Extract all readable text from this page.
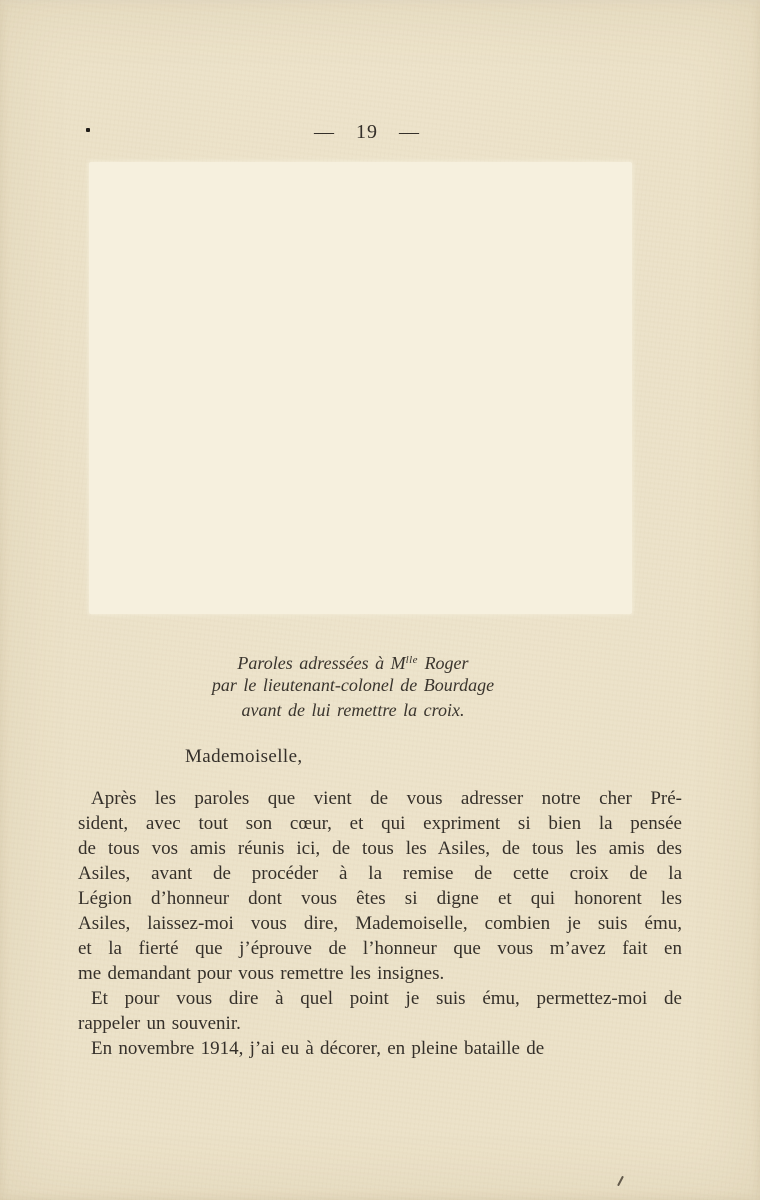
— 19 —
Paroles adressées à $M^{lle}$ Roger
par le lieutenant-colonel de Bourdage
avant de lui remettre la croix.
Mademoiselle,
Après les paroles que vient de vous adresser notre cher Pré-
sident, avec tout son cœur, et qui expriment si bien la pensée
de tous vos amis réunis ici, de tous les Asiles, de tous les amis des
Asiles, avant de procéder à la remise de cette croix de la
Légion d’honneur dont vous êtes si digne et qui honorent les
Asiles, laissez-moi vous dire, Mademoiselle, combien je suis ému,
et la fierté que j’éprouve de l’honneur que vous m’avez fait en
me demandant pour vous remettre les insignes.
Et pour vous dire à quel point je suis ému, permettez-moi de
rappeler un souvenir.
En novembre 1914, j’ai eu à décorer, en pleine bataille de
